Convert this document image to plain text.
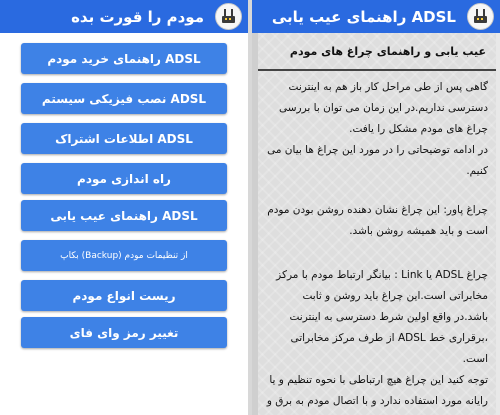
مودم را قورت بده
راهنمای خرید مودم ADSL
نصب فیزیکی سیستم ADSL
اطلاعات اشتراک ADSL
راه اندازی مودم
راهنمای عیب یابی ADSL
بکاپ (Backup) از تنظیمات مودم
ریست انواع مودم
تغییر رمز وای فای
راهنمای عیب یابی ADSL
عیب یابی و راهنمای چراغ های مودم

گاهی پس از طی مراحل کار باز هم به اینترنت دسترسی نداریم.در این زمان می توان با بررسی چراغ های مودم مشکل را یافت.

در ادامه توضیحاتی را در مورد این چراغ ها بیان می کنیم.

چراغ پاور: این چراغ نشان دهنده روشن بودن مودم است و باید همیشه روشن باشد.

چراغ ADSL یا Link : بیانگر ارتباط مودم با مرکز مخابراتی است.این چراغ باید روشن و ثابت باشد.در واقع اولین شرط دسترسی به اینترنت ،برقراری خط ADSL از طرف مرکز مخابراتی است.

توجه کنید این چراغ هیچ ارتباطی با نحوه تنظیم و یا رایانه مورد استفاده ندارد و با اتصال مودم به برق و
